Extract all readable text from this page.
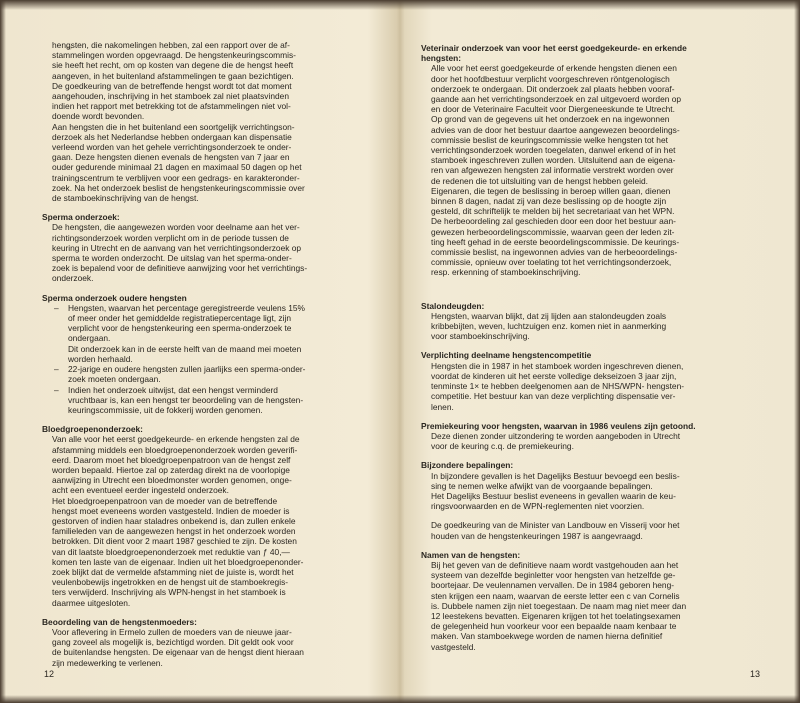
hengsten, die nakomelingen hebben, zal een rapport over de af-
stammelingen worden opgevraagd. De hengstenkeuringscommis-
sie heeft het recht, om op kosten van degene die de hengst heeft
aangeven, in het buitenland afstammelingen te gaan bezichtigen.
De goedkeuring van de betreffende hengst wordt tot dat moment
aangehouden, inschrijving in het stamboek zal niet plaatsvinden
indien het rapport met betrekking tot de afstammelingen niet vol-
doende wordt bevonden.

Aan hengsten die in het buitenland een soortgelijk verrichtingson-
derzoek als het Nederlandse hebben ondergaan kan dispensatie
verleend worden van het gehele verrichtingsonderzoek te onder-
gaan. Deze hengsten dienen evenals de hengsten van 7 jaar en
ouder gedurende minimaal 21 dagen en maximaal 50 dagen op het
trainingscentrum te verblijven voor een gedrags- en karakteronder-
zoek. Na het onderzoek beslist de hengstenkeuringscommissie over
de stamboekinschrijving van de hengst.

Sperma onderzoek:

De hengsten, die aangewezen worden voor deelname aan het ver-
richtingsonderzoek worden verplicht om in de periode tussen de
keuring in Utrecht en de aanvang van het verrichtingsonderzoek op
sperma te worden onderzocht. De uitslag van het sperma-onder-
zoek is bepalend voor de definitieve aanwijzing voor het verrichtings-
onderzoek.

Sperma onderzoek oudere hengsten

– Hengsten, waarvan het percentage geregistreerde veulens 15%
of meer onder het gemiddelde registratiepercentage ligt, zijn
verplicht voor de hengstenkeuring een sperma-onderzoek te
ondergaan.
Dit onderzoek kan in de eerste helft van de maand mei moeten
worden herhaald.
– 22-jarige en oudere hengsten zullen jaarlijks een sperma-onder-
zoek moeten ondergaan.
– Indien het onderzoek uitwijst, dat een hengst verminderd
vruchtbaar is, kan een hengst ter beoordeling van de hengsten-
keuringscommissie, uit de fokkerij worden genomen.

Bloedgroepenonderzoek:

Van alle voor het eerst goedgekeurde- en erkende hengsten zal de
afstamming middels een bloedgroepenonderzoek worden geverifi-
eerd. Daarom moet het bloedgroepenpatroon van de hengst zelf
worden bepaald. Hiertoe zal op zaterdag direkt na de voorlopige
aanwijzing in Utrecht een bloedmonster worden genomen, onge-
acht een eventueel eerder ingesteld onderzoek.

Het bloedgroepenpatroon van de moeder van de betreffende
hengst moet eveneens worden vastgesteld. Indien de moeder is
gestorven of indien haar staladres onbekend is, dan zullen enkele
familieleden van de aangewezen hengst in het onderzoek worden
betrokken. Dit dient voor 2 maart 1987 geschied te zijn. De kosten
van dit laatste bloedgroepenonderzoek met reduktie van ƒ 40,—
komen ten laste van de eigenaar. Indien uit het bloedgroepenonder-
zoek blijkt dat de vermelde afstamming niet de juiste is, wordt het
veulenbobewijs ingetrokken en de hengst uit de stamboekregis-
ters verwijderd. Inschrijving als WPN-hengst in het stamboek is
daarmee uitgesloten.

Beoordeling van de hengstenmoeders:

Voor aflevering in Ermelo zullen de moeders van de nieuwe jaar-
gang zoveel als mogelijk is, bezichtigd worden. Dit geldt ook voor
de buitenlandse hengsten. De eigenaar van de hengst dient hieraan
zijn medewerking te verlenen.

12

Veterinair onderzoek van voor het eerst goedgekeurde- en erkende
hengsten:

Alle voor het eerst goedgekeurde of erkende hengsten dienen een
door het hoofdbestuur verplicht voorgeschreven röntgenologisch
onderzoek te ondergaan. Dit onderzoek zal plaats hebben vooraf-
gaande aan het verrichtingsonderzoek en zal uitgevoerd worden op
en door de Veterinaire Faculteit voor Diergeneeskunde te Utrecht.

Op grond van de gegevens uit het onderzoek en na ingewonnen
advies van de door het bestuur daartoe aangewezen beoordelings-
commissie beslist de keuringscommissie welke hengsten tot het
verrichtingsonderzoek worden toegelaten, danwel erkend of in het
stamboek ingeschreven zullen worden. Uitsluitend aan de eigena-
ren van afgewezen hengsten zal informatie verstrekt worden over
de redenen die tot uitsluiting van de hengst hebben geleid.

Eigenaren, die tegen de beslissing in beroep willen gaan, dienen
binnen 8 dagen, nadat zij van deze beslissing op de hoogte zijn
gesteld, dit schriftelijk te melden bij het secretariaat van het WPN.
De herbeoordeling zal geschieden door een door het bestuur aan-
gewezen herbeoordelingscommissie, waarvan geen der leden zit-
ting heeft gehad in de eerste beoordelingscommissie. De keurings-
commissie beslist, na ingewonnen advies van de herbeoordelings-
commissie, opnieuw over toelating tot het verrichtingsonderzoek,
resp. erkenning of stamboekinschrijving.

Stalondeugden:

Hengsten, waarvan blijkt, dat zij lijden aan stalondeugden zoals
kribbebijten, weven, luchtzuigen enz. komen niet in aanmerking
voor stamboekinschrijving.

Verplichting deelname hengstencompetitie

Hengsten die in 1987 in het stamboek worden ingeschreven dienen,
voordat de kinderen uit het eerste volledige dekseizoen 3 jaar zijn,
tenminste 1× te hebben deelgenomen aan de NHS/WPN- hengsten-
competitie. Het bestuur kan van deze verplichting dispensatie ver-
lenen.

Premiekeuring voor hengsten, waarvan in 1986 veulens zijn getoond.

Deze dienen zonder uitzondering te worden aangeboden in Utrecht
voor de keuring c.q. de premiekeuring.

Bijzondere bepalingen:

In bijzondere gevallen is het Dagelijks Bestuur bevoegd een beslis-
sing te nemen welke afwijkt van de voorgaande bepalingen.

Het Dagelijks Bestuur beslist eveneens in gevallen waarin de keu-
ringsvoorwaarden en de WPN-reglementen niet voorzien.

De goedkeuring van de Minister van Landbouw en Visserij voor het
houden van de hengstenkeuringen 1987 is aangevraagd.

Namen van de hengsten:

Bij het geven van de definitieve naam wordt vastgehouden aan het
systeem van dezelfde beginletter voor hengsten van hetzelfde ge-
boortejaar. De veulennamen vervallen. De in 1984 geboren heng-
sten krijgen een naam, waarvan de eerste letter een c van Cornelis
is. Dubbele namen zijn niet toegestaan. De naam mag niet meer dan
12 leestekens bevatten. Eigenaren krijgen tot het toelatingsexamen
de gelegenheid hun voorkeur voor een bepaalde naam kenbaar te
maken. Van stamboekwege worden de namen hierna definitief
vastgesteld.

13
